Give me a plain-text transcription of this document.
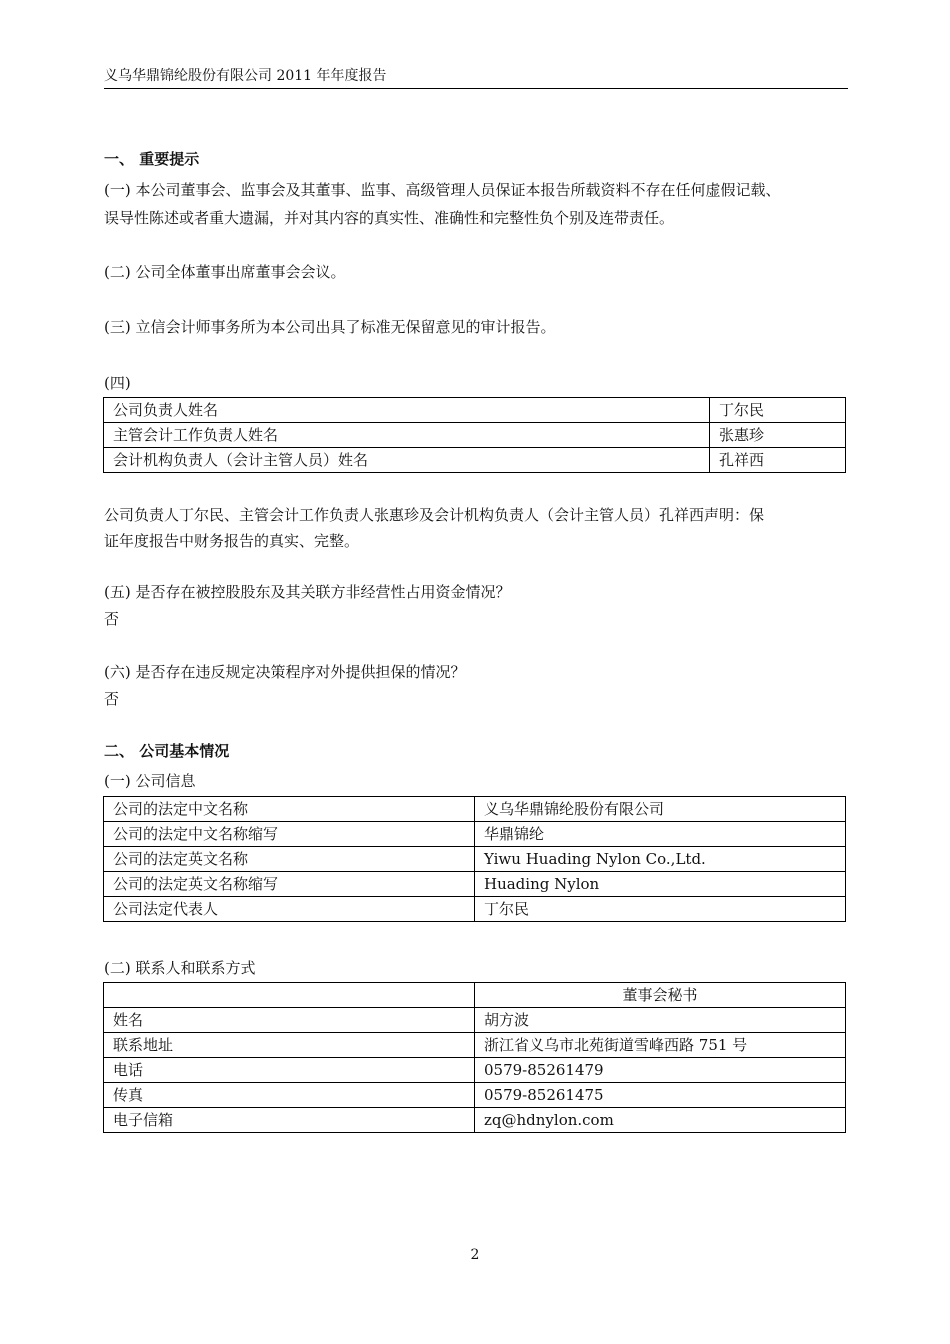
义乌华鼎锦纶股份有限公司 2011 年年度报告
一、 重要提示
(一) 本公司董事会、监事会及其董事、监事、高级管理人员保证本报告所载资料不存在任何虚假记载、
误导性陈述或者重大遗漏，并对其内容的真实性、准确性和完整性负个别及连带责任。
(二) 公司全体董事出席董事会会议。
(三) 立信会计师事务所为本公司出具了标准无保留意见的审计报告。
(四)
公司负责人姓名	丁尔民
主管会计工作负责人姓名	张惠珍
会计机构负责人（会计主管人员）姓名	孔祥西
公司负责人丁尔民、主管会计工作负责人张惠珍及会计机构负责人（会计主管人员）孔祥西声明：保
证年度报告中财务报告的真实、完整。
(五) 是否存在被控股股东及其关联方非经营性占用资金情况？
否
(六) 是否存在违反规定决策程序对外提供担保的情况？
否
二、 公司基本情况
(一) 公司信息
公司的法定中文名称	义乌华鼎锦纶股份有限公司
公司的法定中文名称缩写	华鼎锦纶
公司的法定英文名称	Yiwu Huading Nylon Co.,Ltd.
公司的法定英文名称缩写	Huading Nylon
公司法定代表人	丁尔民
(二) 联系人和联系方式
	董事会秘书
姓名	胡方波
联系地址	浙江省义乌市北苑街道雪峰西路 751 号
电话	0579-85261479
传真	0579-85261475
电子信箱	zq@hdnylon.com
2
